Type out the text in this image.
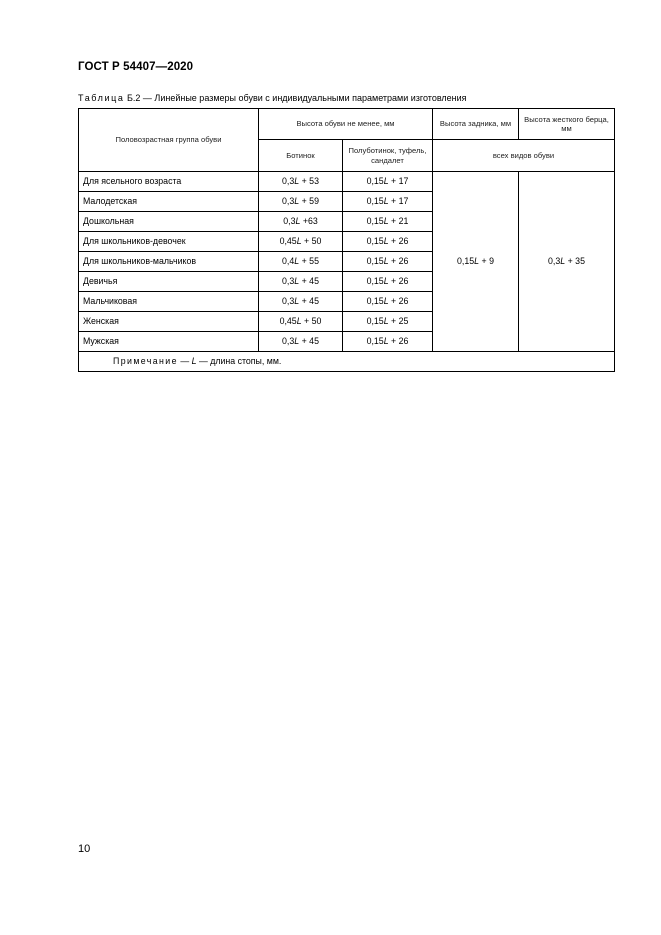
ГОСТ Р 54407—2020
Таблица Б.2 — Линейные размеры обуви с индивидуальными параметрами изготовления
Половозрастная группа обуви	Высота обуви не менее, мм		Высота задника, мм	Высота жесткого берца, мм
	Ботинок	Полуботинок, туфель, сандалет	всех видов обуви	
Для ясельного возраста	0,3L + 53	0,15L + 17	0,15L + 9	0,3L + 35
Малодетская	0,3L + 59	0,15L + 17		
Дошкольная	0,3L +63	0,15L + 21		
Для школьников-девочек	0,45L + 50	0,15L + 26		
Для школьников-мальчиков	0,4L + 55	0,15L + 26		
Девичья	0,3L + 45	0,15L + 26		
Мальчиковая	0,3L + 45	0,15L + 26		
Женская	0,45L + 50	0,15L + 25		
Мужская	0,3L + 45	0,15L + 26		
Примечание — L — длина стопы, мм.				
10
